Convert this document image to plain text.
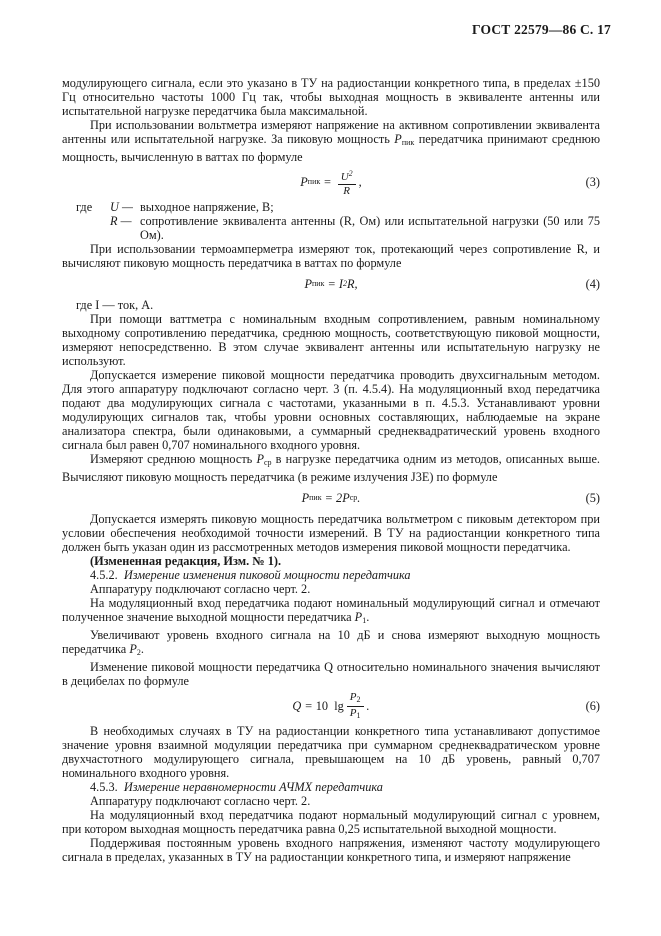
ГОСТ 22579—86 С. 17

модулирующего сигнала, если это указано в ТУ на радиостанции конкретного типа, в пределах ±150 Гц относительно частоты 1000 Гц так, чтобы выходная мощность в эквиваленте антенны или испытательной нагрузке передатчика была максимальной.

При использовании вольтметра измеряют напряжение на активном сопротивлении эквивалента антенны или испытательной нагрузке. За пиковую мощность $P_{пик}$ передатчика принимают среднюю мощность, вычисленную в ваттах по формуле

P пик = $\frac{U^2}{R}$ ,	(3)
где	U — выходное напряжение, В;
R — сопротивление эквивалента антенны (R, Ом) или испытательной нагрузки (50 или 75 Ом).

При использовании термоамперметра измеряют ток, протекающий через сопротивление R, и вычисляют пиковую мощность передатчика в ваттах по формуле

P пик = I 2 R,	(4)

где I — ток, А.

При помощи ваттметра с номинальным входным сопротивлением, равным номинальному выходному сопротивлению передатчика, среднюю мощность, соответствующую пиковой мощности, измеряют непосредственно. В этом случае эквивалент антенны или испытательную нагрузку не используют.

Допускается измерение пиковой мощности передатчика проводить двухсигнальным методом. Для этого аппаратуру подключают согласно черт. 3 (п. 4.5.4). На модуляционный вход передатчика подают два модулирующих сигнала с частотами, указанными в п. 4.5.3. Устанавливают уровни модулирующих сигналов так, чтобы уровни основных составляющих, наблюдаемые на экране анализатора спектра, были одинаковыми, а суммарный среднеквадратический уровень входного сигнала был равен 0,707 номинального входного уровня.

Измеряют среднюю мощность $P_{ср}$ в нагрузке передатчика одним из методов, описанных выше. Вычисляют пиковую мощность передатчика (в режиме излучения J3E) по формуле

P пик = 2 P ср .	(5)

Допускается измерять пиковую мощность передатчика вольтметром с пиковым детектором при условии обеспечения необходимой точности измерений. В ТУ на радиостанции конкретного типа должен быть указан один из рассмотренных методов измерения пиковой мощности передатчика.

(Измененная редакция, Изм. № 1).

4.5.2. Измерение изменения пиковой мощности передатчика

Аппаратуру подключают согласно черт. 2.

На модуляционный вход передатчика подают номинальный модулирующий сигнал и отмечают полученное значение выходной мощности передатчика $P_1$.

Увеличивают уровень входного сигнала на 10 дБ и снова измеряют выходную мощность передатчика $P_2$.

Изменение пиковой мощности передатчика Q относительно номинального значения вычисляют в децибелах по формуле

Q = 10  $\lg \frac{P_2}{P_1}$ .	(6)

В необходимых случаях в ТУ на радиостанции конкретного типа устанавливают допустимое значение уровня взаимной модуляции передатчика при суммарном среднеквадратическом уровне двухчастотного модулирующего сигнала, превышающем на 10 дБ уровень, равный 0,707 номинального входного уровня.

4.5.3. Измерение неравномерности АЧМХ передатчика

Аппаратуру подключают согласно черт. 2.

На модуляционный вход передатчика подают нормальный модулирующий сигнал с уровнем, при котором выходная мощность передатчика равна 0,25 испытательной выходной мощности.

Поддерживая постоянным уровень входного напряжения, изменяют частоту модулирующего сигнала в пределах, указанных в ТУ на радиостанции конкретного типа, и измеряют напряжение
